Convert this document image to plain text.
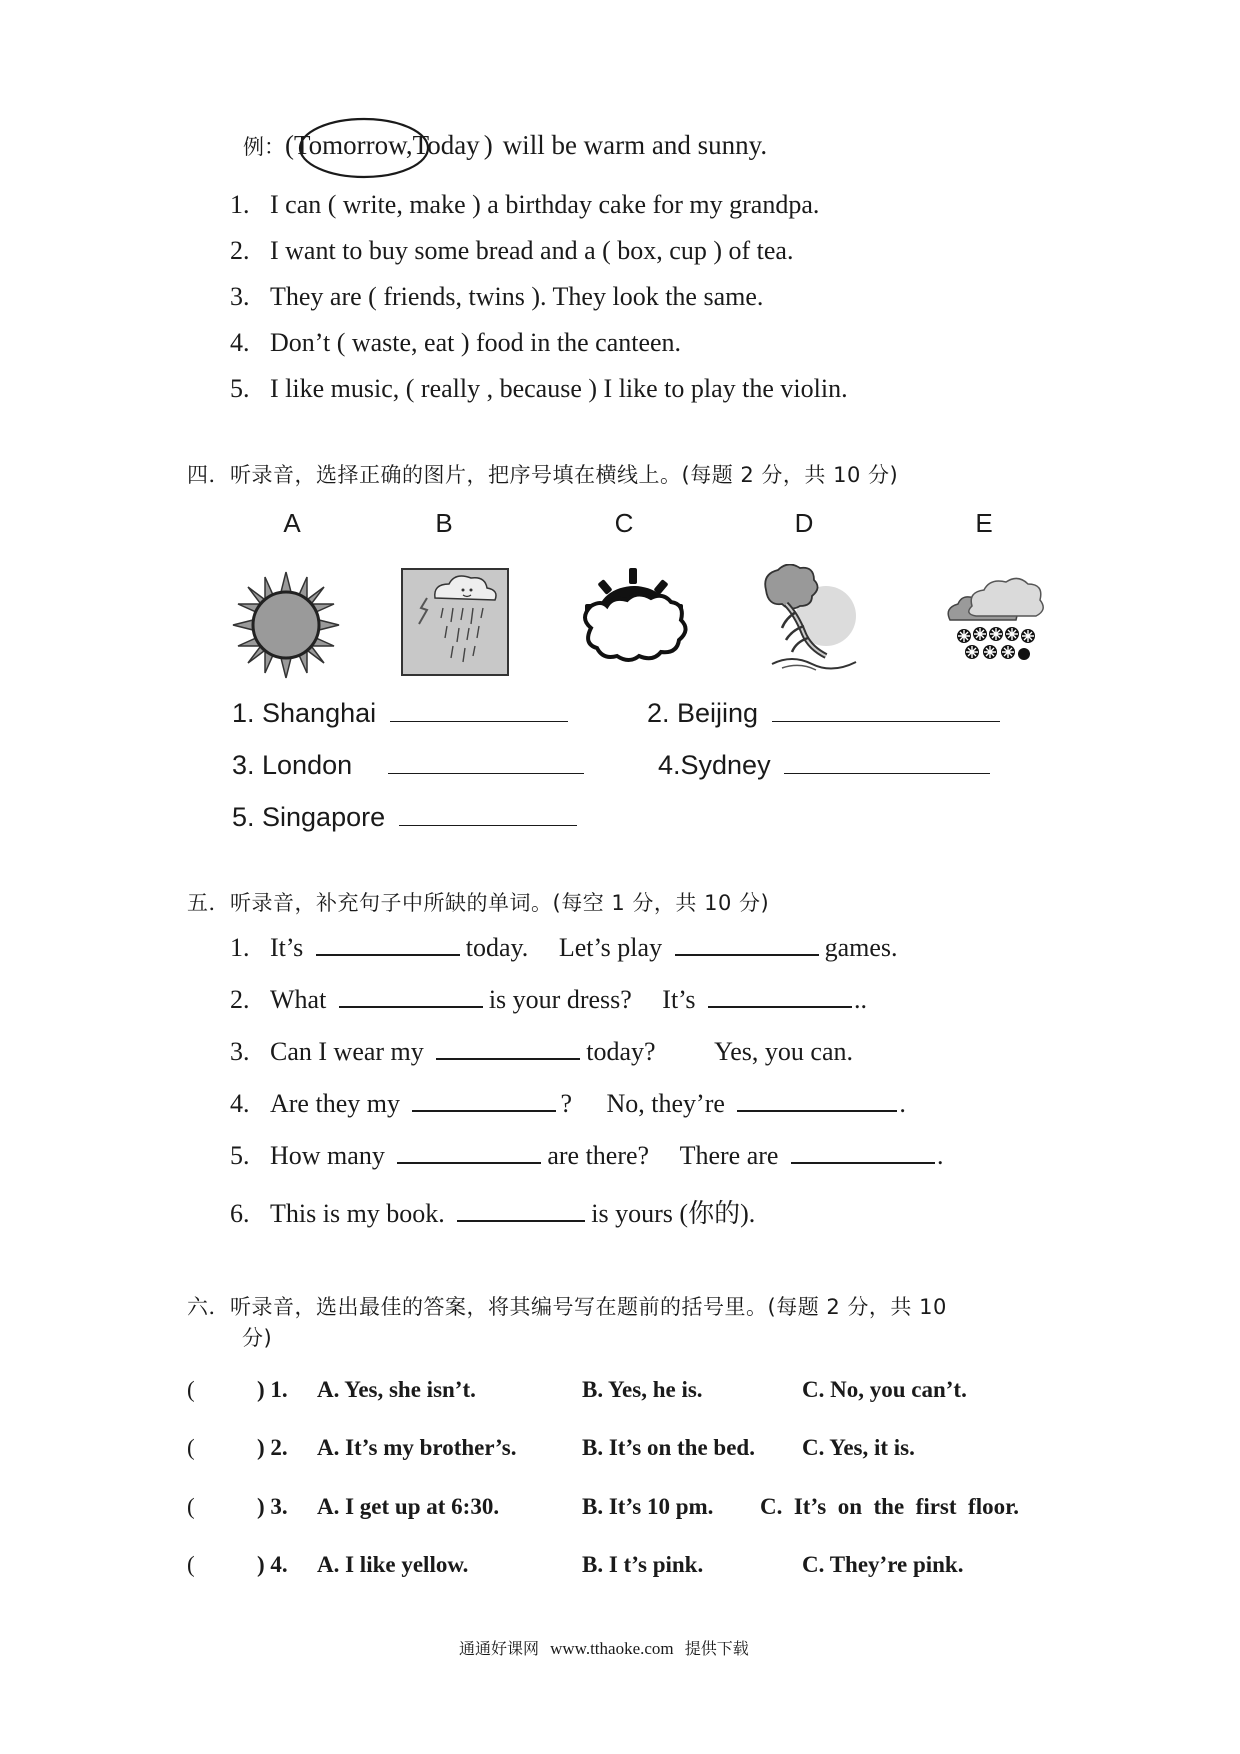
例：(Tomorrow,Today ) will be warm and sunny.
1. I can ( write, make ) a birthday cake for my grandpa.
2. I want to buy some bread and a ( box, cup ) of tea.
3. They are ( friends, twins ). They look the same.
4. Don’t ( waste, eat ) food in the canteen.
5. I like music, ( really , because ) I like to play the violin.
四．听录音，选择正确的图片，把序号填在横线上。(每题 2 分，共 10 分)
A	B	C	D	E
1. Shanghai	2. Beijing
3. London	4.Sydney
5. Singapore
五．听录音，补充句子中所缺的单词。(每空 1 分，共 10 分)
1. It’s	today. Let’s play	games.
2. What	is your dress? It’s	..
3. Can I wear my	today? Yes, you can.
4. Are they my	? No, they’re	.
5. How many	are there? There are	.
6. This is my book.	is yours (你的).
六．听录音，选出最佳的答案，将其编号写在题前的括号里。(每题 2 分，共 10
分)
(	) 1. A. Yes, she isn’t.	B. Yes, he is.	C. No, you can’t.
(	) 2. A. It’s my brother’s.	B. It’s on the bed. C. Yes, it is.
(	) 3. A. I get up at 6:30.	B. It’s 10 pm. C.  It’s  on  the  first  floor.
(	) 4. A. I like yellow.	B. I t’s pink.	C. They’re pink.
通通好课网 www.tthaoke.com 提供下载
